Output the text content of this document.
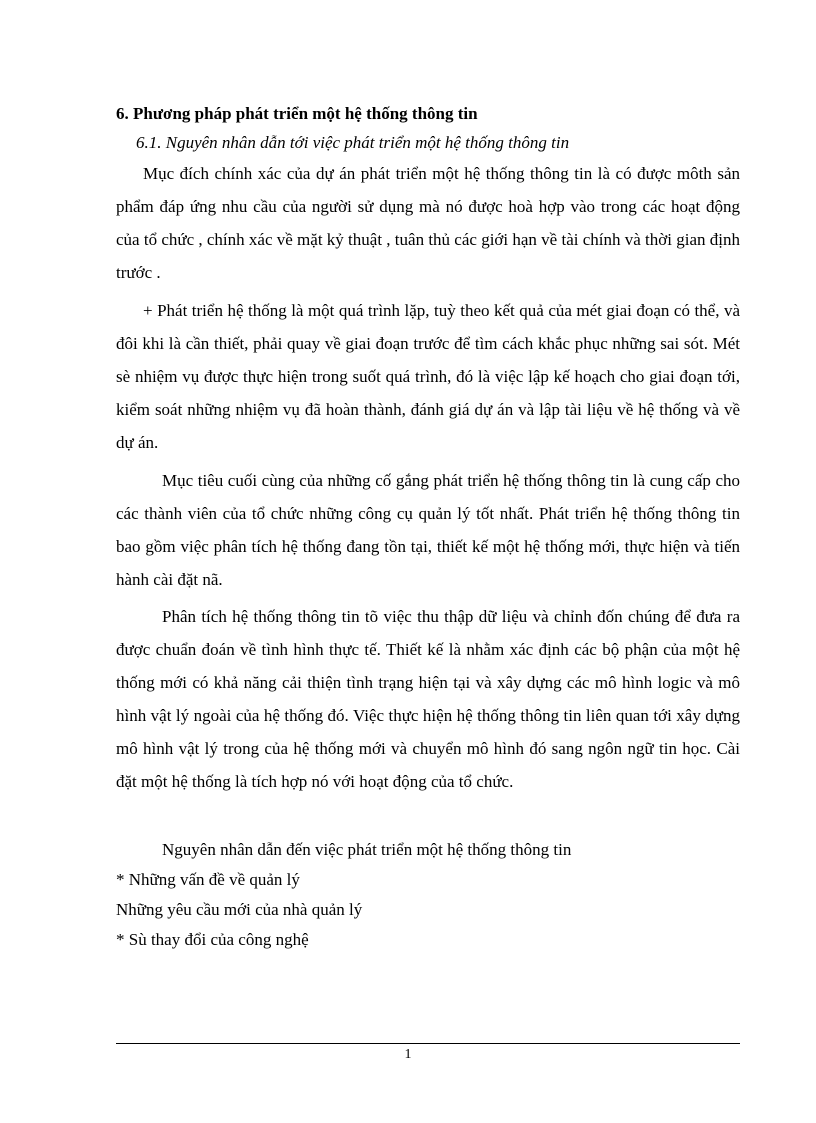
6. Phương pháp phát triển một hệ thống thông tin
6.1. Nguyên nhân dẫn tới việc phát triển một hệ thống thông tin

Mục đích chính xác của dự án phát triển một hệ thống thông tin là có được môth sản phẩm đáp ứng nhu cầu của người sử dụng mà nó được hoà hợp vào trong các hoạt động của tổ chức , chính xác về mặt kỷ thuật , tuân thủ các giới hạn về tài chính và thời gian định trước .

+ Phát triển hệ thống là một quá trình lặp, tuỳ theo kết quả của mét giai đoạn có thể, và đôi khi là cần thiết, phải quay về giai đoạn trước để tìm cách khắc phục những sai sót. Mét sè nhiệm vụ được thực hiện trong suốt quá trình, đó là việc lập kế hoạch cho giai đoạn tới, kiểm soát những nhiệm vụ đã hoàn thành, đánh giá dự án và lập tài liệu về hệ thống và về dự án.

Mục tiêu cuối cùng của những cố gắng phát triển hệ thống thông tin là cung cấp cho các thành viên của tổ chức những công cụ quản lý tốt nhất. Phát triển hệ thống thông tin bao gồm việc phân tích hệ thống đang tồn tại, thiết kế một hệ thống mới, thực hiện và tiến hành cài đặt nã.

Phân tích hệ thống thông tin tõ việc thu thập dữ liệu và chỉnh đốn chúng để đưa ra được chuẩn đoán về tình hình thực tế. Thiết kế là nhằm xác định các bộ phận của một hệ thống mới có khả năng cải thiện tình trạng hiện tại và xây dựng các mô hình logic và mô hình vật lý ngoài của hệ thống đó. Việc thực hiện hệ thống thông tin liên quan tới xây dựng mô hình vật lý trong của hệ thống mới và chuyển mô hình đó sang ngôn ngữ tin học. Cài đặt một hệ thống là tích hợp nó với hoạt động của tổ chức.

Nguyên nhân dẫn đến việc phát triển một hệ thống thông tin
* Những vấn đề về quản lý
Những yêu cầu mới của nhà quản lý
* Sù thay đổi của công nghệ
1
